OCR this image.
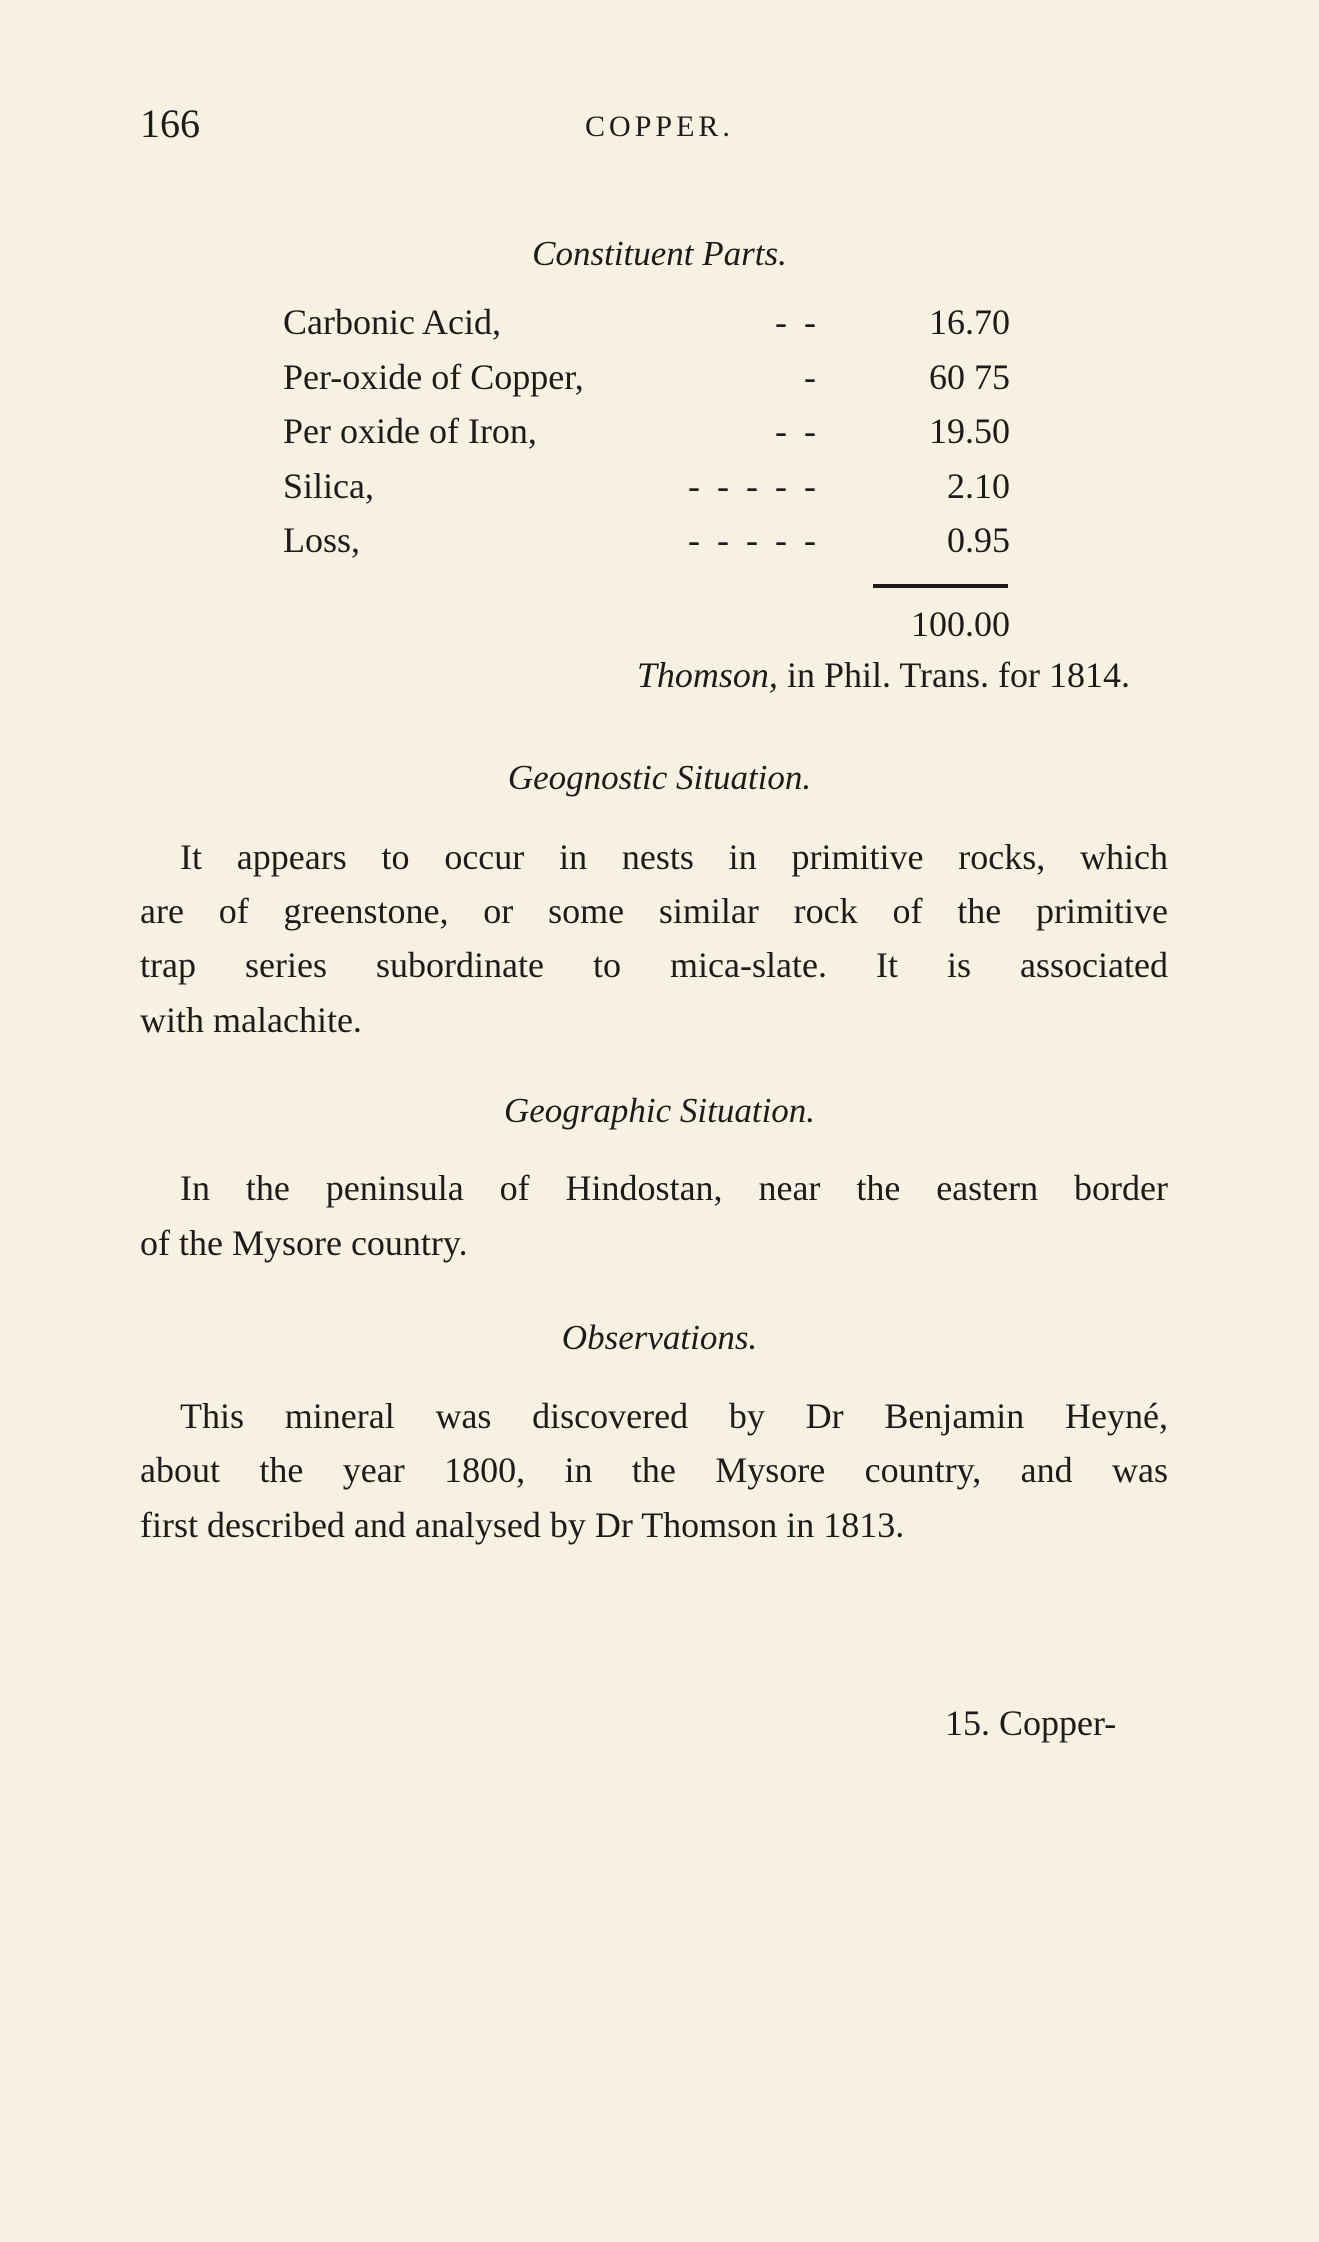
166	COPPER.
Constituent Parts.
Carbonic Acid,	- -	16.70
Per-oxide of Copper,	-	60 75
Per oxide of Iron,	- -	19.50
Silica,	- - - - -	2.10
Loss,	- - - - -	0.95
100.00
Thomson, in Phil. Trans. for 1814.
Geognostic Situation.
It appears to occur in nests in primitive rocks, which
are of greenstone, or some similar rock of the primitive
trap series subordinate to mica-slate. It is associated
with malachite.
Geographic Situation.
In the peninsula of Hindostan, near the eastern border
of the Mysore country.
Observations.
This mineral was discovered by Dr Benjamin Heyné,
about the year 1800, in the Mysore country, and was
first described and analysed by Dr Thomson in 1813.
15. Copper-
